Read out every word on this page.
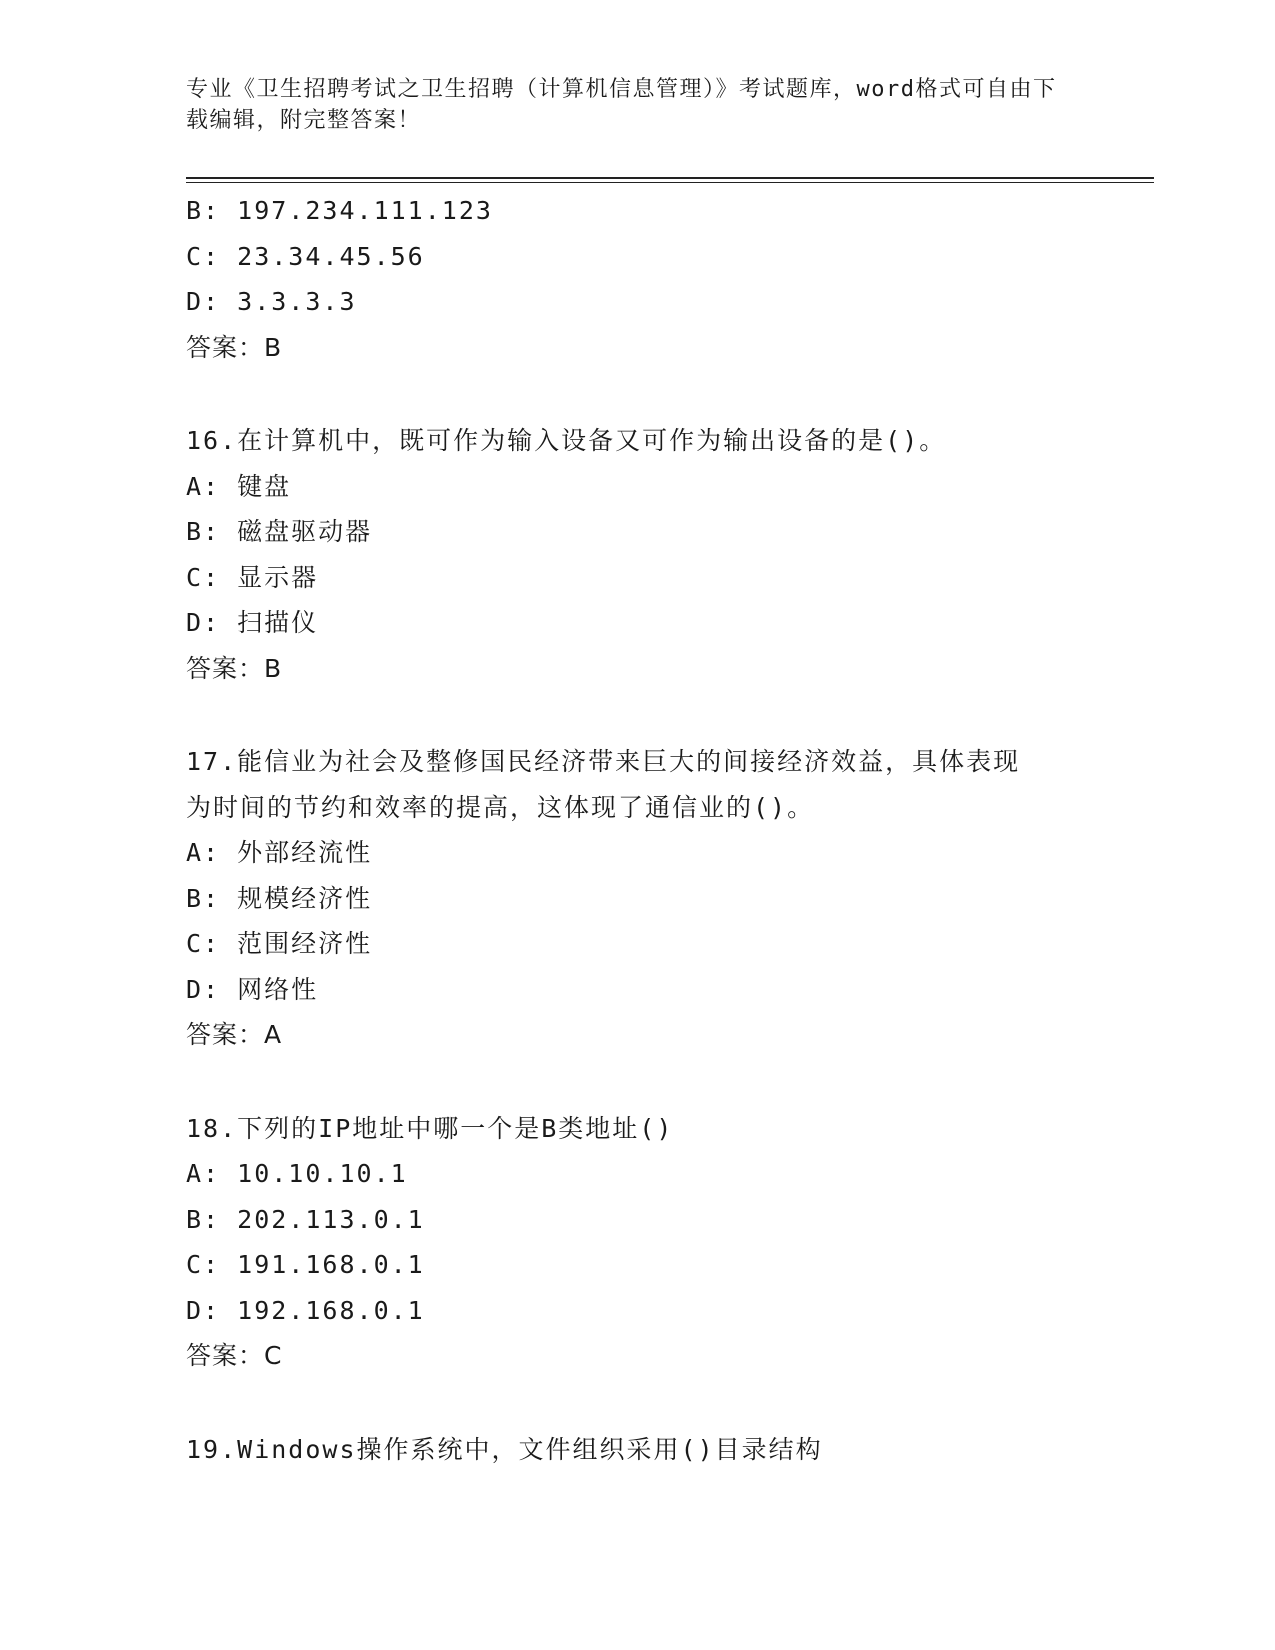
专业《卫生招聘考试之卫生招聘（计算机信息管理）》考试题库，word格式可自由下载编辑，附完整答案！
B: 197.234.111.123
C: 23.34.45.56
D: 3.3.3.3
答案：B
16.在计算机中，既可作为输入设备又可作为输出设备的是()。
A: 键盘
B: 磁盘驱动器
C: 显示器
D: 扫描仪
答案：B
17.能信业为社会及整修国民经济带来巨大的间接经济效益，具体表现
为时间的节约和效率的提高，这体现了通信业的()。
A: 外部经流性
B: 规模经济性
C: 范围经济性
D: 网络性
答案：A
18.下列的IP地址中哪一个是B类地址()
A: 10.10.10.1
B: 202.113.0.1
C: 191.168.0.1
D: 192.168.0.1
答案：C
19.Windows操作系统中，文件组织采用()目录结构
